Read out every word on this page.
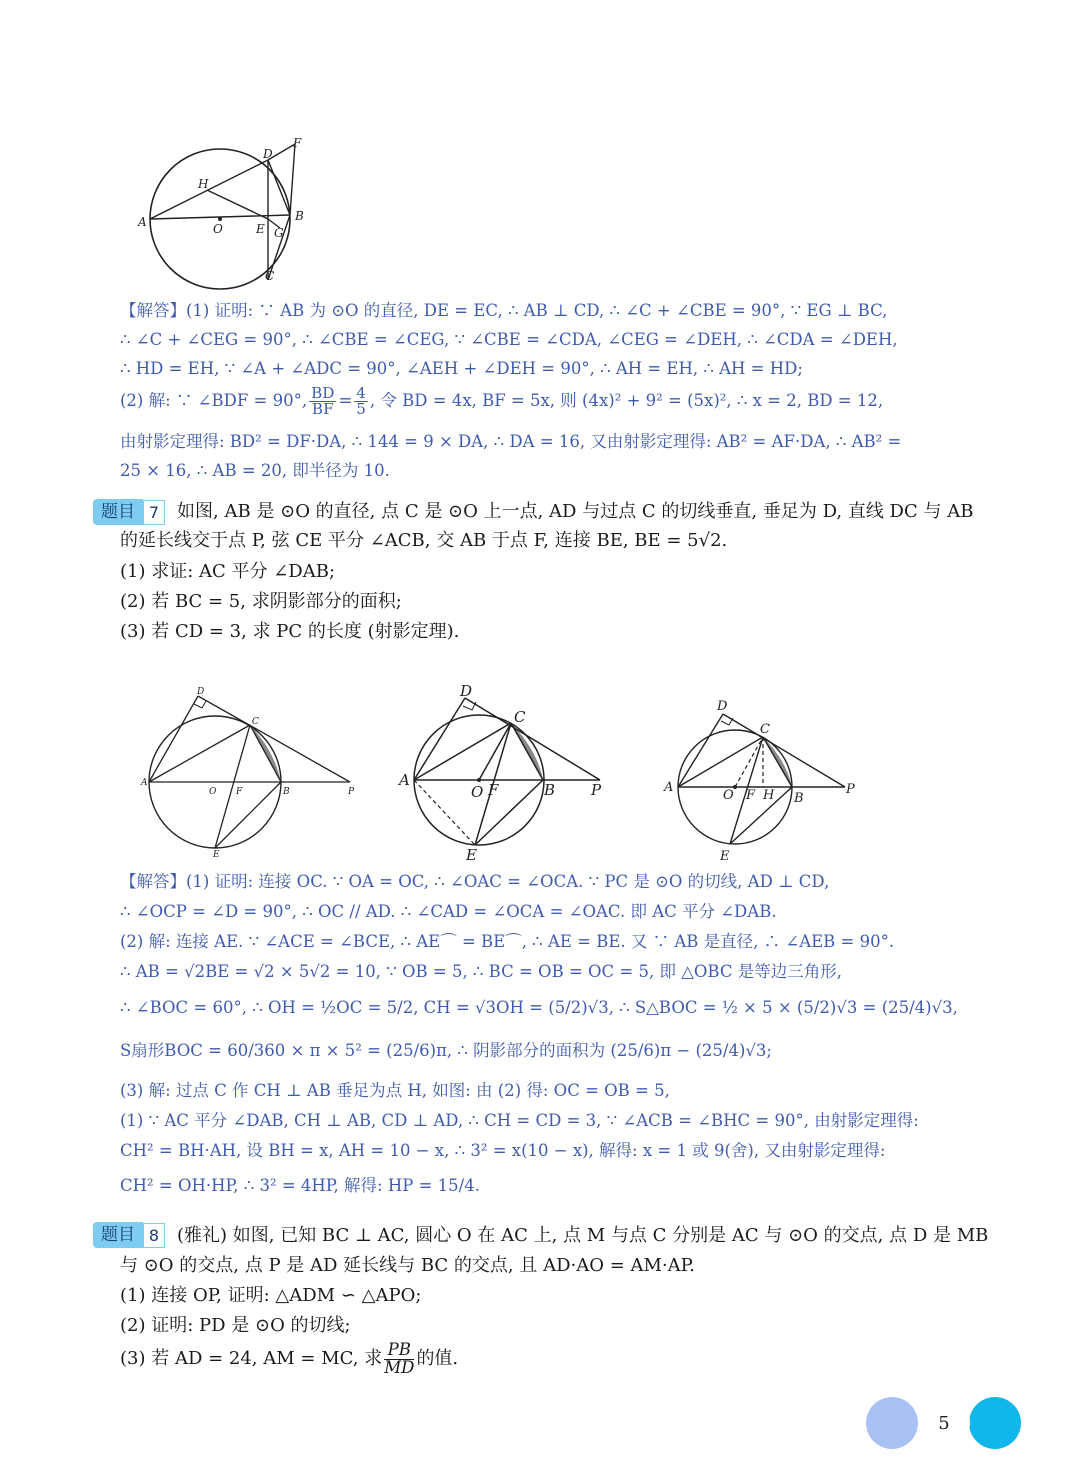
A	O	E G
B
C
D
F
H
【解答】(1) 证明: ∵ AB 为 ⊙O 的直径, DE = EC, ∴ AB ⊥ CD, ∴ ∠C + ∠CBE = 90°, ∵ EG ⊥ BC,
∴ ∠C + ∠CEG = 90°, ∴ ∠CBE = ∠CEG, ∵ ∠CBE = ∠CDA, ∠CEG = ∠DEH, ∴ ∠CDA = ∠DEH,
∴ HD = EH, ∵ ∠A + ∠ADC = 90°, ∠AEH + ∠DEH = 90°, ∴ AH = EH, ∴ AH = HD;
(2) 解: ∵ ∠BDF = 90°, $\frac{BD}{BF} = \frac{4}{5}$ , 令 BD = 4x, BF = 5x, 则 (4x)² + 9² = (5x)², ∴ x = 2, BD = 12,
由射影定理得: BD² = DF·DA, ∴ 144 = 9 × DA, ∴ DA = 16, 又由射影定理得: AB² = AF·DA, ∴ AB² =
25 × 16, ∴ AB = 20, 即半径为 10.
题目 7 如图, AB 是 ⊙O 的直径, 点 C 是 ⊙O 上一点, AD 与过点 C 的切线垂直, 垂足为 D, 直线 DC 与 AB
的延长线交于点 P, 弦 CE 平分 ∠ACB, 交 AB 于点 F, 连接 BE, BE = 5√2.
(1) 求证: AC 平分 ∠DAB;
(2) 若 BC = 5, 求阴影部分的面积;
(3) 若 CD = 3, 求 PC 的长度 (射影定理).
A
O F	B	P
C
D
E
A
O F	B P
C
D
E
A
O F H B
P
C
D
E
【解答】(1) 证明: 连接 OC. ∵ OA = OC, ∴ ∠OAC = ∠OCA. ∵ PC 是 ⊙O 的切线, AD ⊥ CD,
∴ ∠OCP = ∠D = 90°, ∴ OC // AD. ∴ ∠CAD = ∠OCA = ∠OAC. 即 AC 平分 ∠DAB.
(2) 解: 连接 AE. ∵ ∠ACE = ∠BCE, ∴ AE⌒ = BE⌒, ∴ AE = BE. 又 ∵ AB 是直径, ∴ ∠AEB = 90°.
∴ AB = √2BE = √2 × 5√2 = 10, ∵ OB = 5, ∴ BC = OB = OC = 5, 即 △OBC 是等边三角形,
∴ ∠BOC = 60°, ∴ OH = ½OC = 5/2, CH = √3OH = (5/2)√3, ∴ S△BOC = ½ × 5 × (5/2)√3 = (25/4)√3,
S扇形BOC = 60/360 × π × 5² = (25/6)π, ∴ 阴影部分的面积为 (25/6)π − (25/4)√3;
(3) 解: 过点 C 作 CH ⊥ AB 垂足为点 H, 如图: 由 (2) 得: OC = OB = 5,
(1) ∵ AC 平分 ∠DAB, CH ⊥ AB, CD ⊥ AD, ∴ CH = CD = 3, ∵ ∠ACB = ∠BHC = 90°, 由射影定理得:
CH² = BH·AH, 设 BH = x, AH = 10 − x, ∴ 3² = x(10 − x), 解得: x = 1 或 9(舍), 又由射影定理得:
CH² = OH·HP, ∴ 3² = 4HP, 解得: HP = 15/4.
题目 8 (雅礼) 如图, 已知 BC ⊥ AC, 圆心 O 在 AC 上, 点 M 与点 C 分别是 AC 与 ⊙O 的交点, 点 D 是 MB
与 ⊙O 的交点, 点 P 是 AD 延长线与 BC 的交点, 且 AD·AO = AM·AP.
(1) 连接 OP, 证明: △ADM ∽ △APO;
(2) 证明: PD 是 ⊙O 的切线;
(3) 若 AD = 24, AM = MC, 求 $\frac{PB}{MD}$ 的值.
5
